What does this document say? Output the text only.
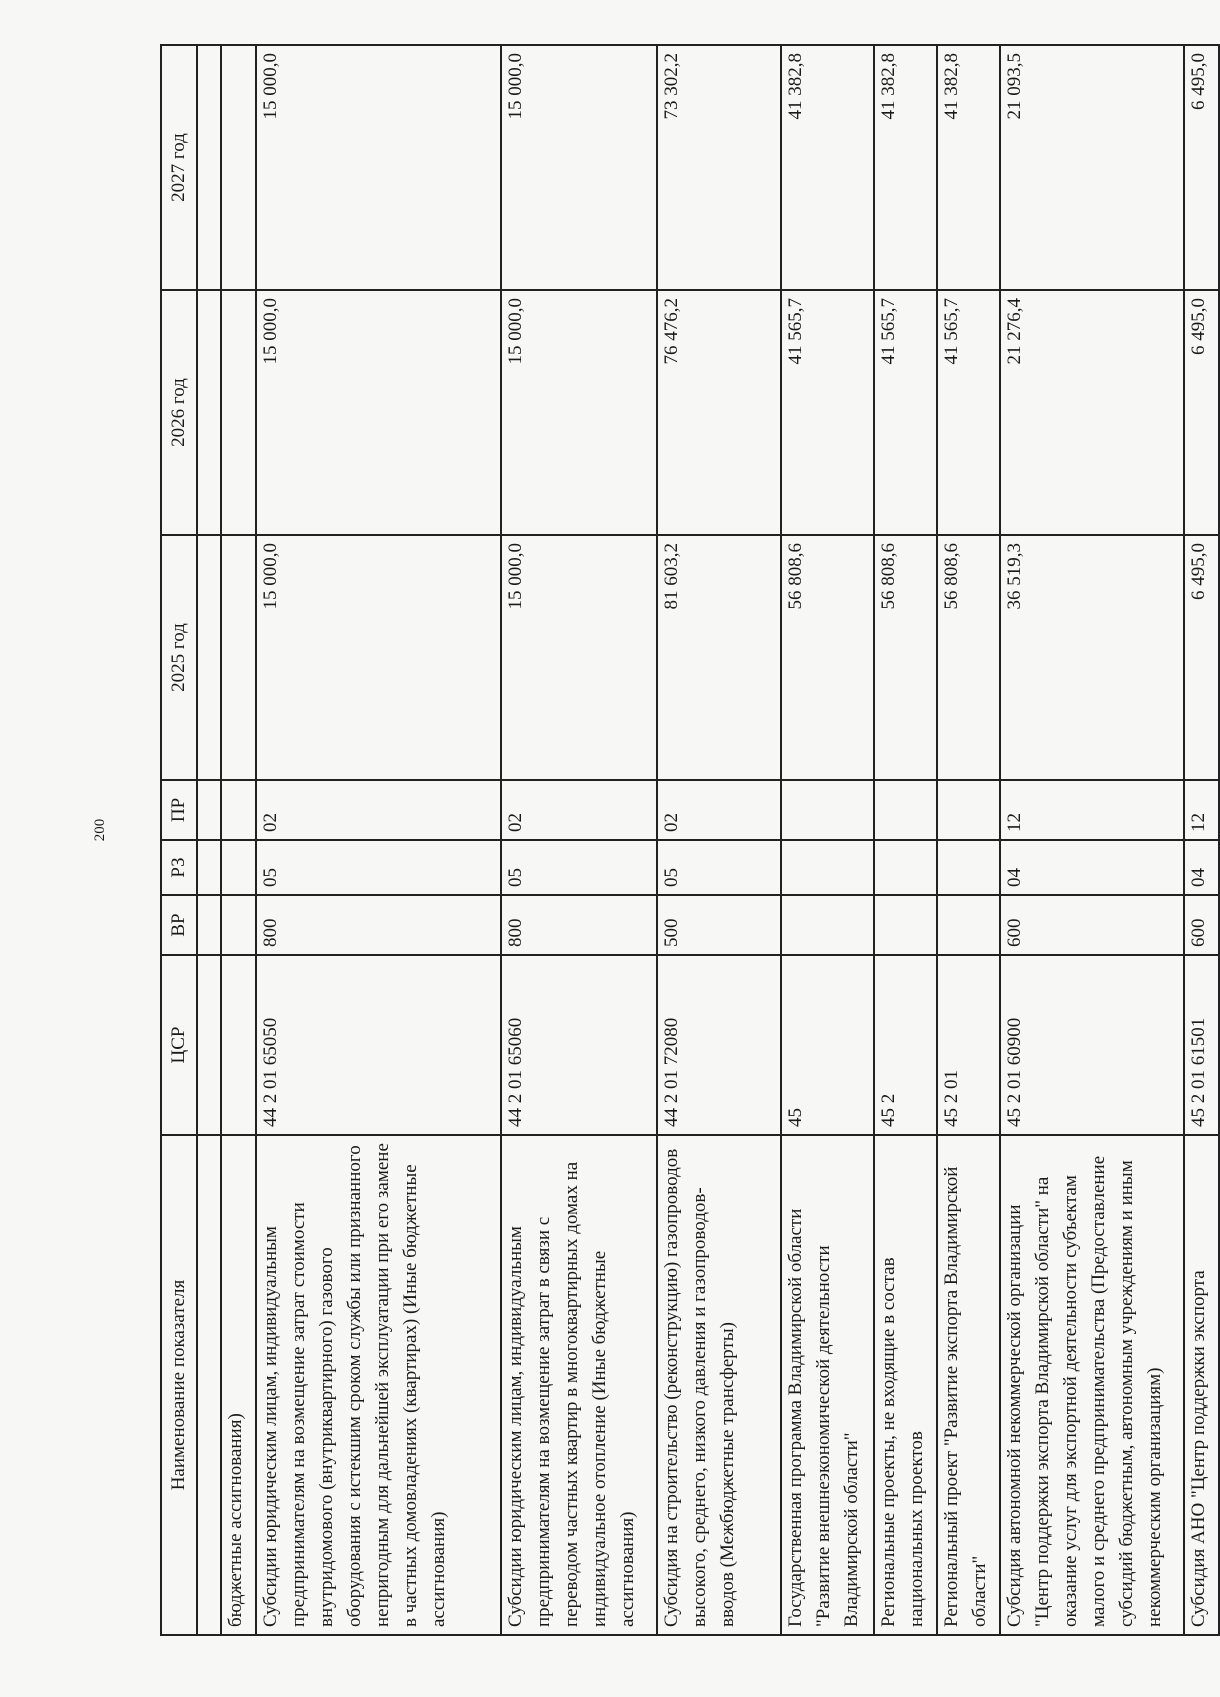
200
Наименование показателя	ЦСР	ВР	РЗ	ПР	2025 год	2026 год	2027 год

бюджетные ассигнования)							
Субсидии юридическим лицам, индивидуальным предпринимателям на возмещение затрат стоимости внутридомового (внутриквартирного) газового оборудования с истекшим сроком службы или признанного непригодным для дальнейшей эксплуатации при его замене в частных домовладениях (квартирах) (Иные бюджетные ассигнования)	44 2 01 65050	800	05	02	15 000,0	15 000,0	15 000,0
Субсидии юридическим лицам, индивидуальным предпринимателям на возмещение затрат в связи с переводом частных квартир в многоквартирных домах на индивидуальное отопление (Иные бюджетные ассигнования)	44 2 01 65060	800	05	02	15 000,0	15 000,0	15 000,0
Субсидия на строительство (реконструкцию) газопроводов высокого, среднего, низкого давления и газопроводов-вводов (Межбюджетные трансферты)	44 2 01 72080	500	05	02	81 603,2	76 476,2	73 302,2
Государственная программа Владимирской области "Развитие внешнеэкономической деятельности Владимирской области"	45				56 808,6	41 565,7	41 382,8
Региональные проекты, не входящие в состав национальных проектов	45 2				56 808,6	41 565,7	41 382,8
Региональный проект "Развитие экспорта Владимирской области"	45 2 01				56 808,6	41 565,7	41 382,8
Субсидия автономной некоммерческой организации "Центр поддержки экспорта Владимирской области" на оказание услуг для экспортной деятельности субъектам малого и среднего предпринимательства (Предоставление субсидий бюджетным, автономным учреждениям и иным некоммерческим организациям)	45 2 01 60900	600	04	12	36 519,3	21 276,4	21 093,5
Субсидия АНО "Центр поддержки экспорта	45 2 01 61501	600	04	12	6 495,0	6 495,0	6 495,0
